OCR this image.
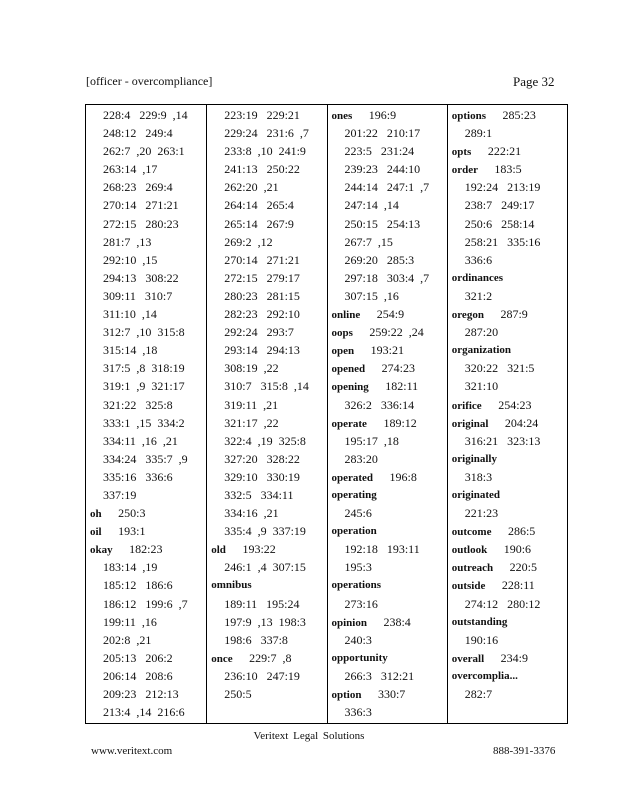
[officer - overcompliance]	Page 32
228:4   229:9  ,14
248:12   249:4
262:7  ,20  263:1
263:14  ,17
268:23   269:4
270:14   271:21
272:15   280:23
281:7  ,13
292:10  ,15
294:13   308:22
309:11   310:7
311:10  ,14
312:7  ,10  315:8
315:14  ,18
317:5  ,8  318:19
319:1  ,9  321:17
321:22   325:8
333:1  ,15  334:2
334:11  ,16  ,21
334:24   335:7  ,9
335:16   336:6
337:19
oh 250:3
oil 193:1
okay 182:23
183:14  ,19
185:12   186:6
186:12   199:6  ,7
199:11  ,16
202:8  ,21
205:13   206:2
206:14   208:6
209:23   212:13
213:4  ,14  216:6
223:19   229:21
229:24   231:6  ,7
233:8  ,10  241:9
241:13   250:22
262:20  ,21
264:14   265:4
265:14   267:9
269:2  ,12
270:14   271:21
272:15   279:17
280:23   281:15
282:23   292:10
292:24   293:7
293:14   294:13
308:19  ,22
310:7   315:8  ,14
319:11  ,21
321:17  ,22
322:4  ,19  325:8
327:20   328:22
329:10   330:19
332:5   334:11
334:16  ,21
335:4  ,9  337:19
old 193:22
246:1  ,4  307:15
omnibus
189:11   195:24
197:9  ,13  198:3
198:6   337:8
once 229:7  ,8
236:10   247:19
250:5
ones 196:9
201:22   210:17
223:5   231:24
239:23   244:10
244:14   247:1  ,7
247:14  ,14
250:15   254:13
267:7  ,15
269:20   285:3
297:18   303:4  ,7
307:15  ,16
online 254:9
oops 259:22  ,24
open 193:21
opened 274:23
opening 182:11
326:2   336:14
operate 189:12
195:17  ,18
283:20
operated 196:8
operating
245:6
operation
192:18   193:11
195:3
operations
273:16
opinion 238:4
240:3
opportunity
266:3   312:21
option 330:7
336:3
options 285:23
289:1
opts 222:21
order 183:5
192:24   213:19
238:7   249:17
250:6   258:14
258:21   335:16
336:6
ordinances
321:2
oregon 287:9
287:20
organization
320:22   321:5
321:10
orifice 254:23
original 204:24
316:21   323:13
originally
318:3
originated
221:23
outcome 286:5
outlook 190:6
outreach 220:5
outside 228:11
274:12   280:12
outstanding
190:16
overall 234:9
overcomplia...
282:7
Veritext Legal Solutions
www.veritext.com	888-391-3376
